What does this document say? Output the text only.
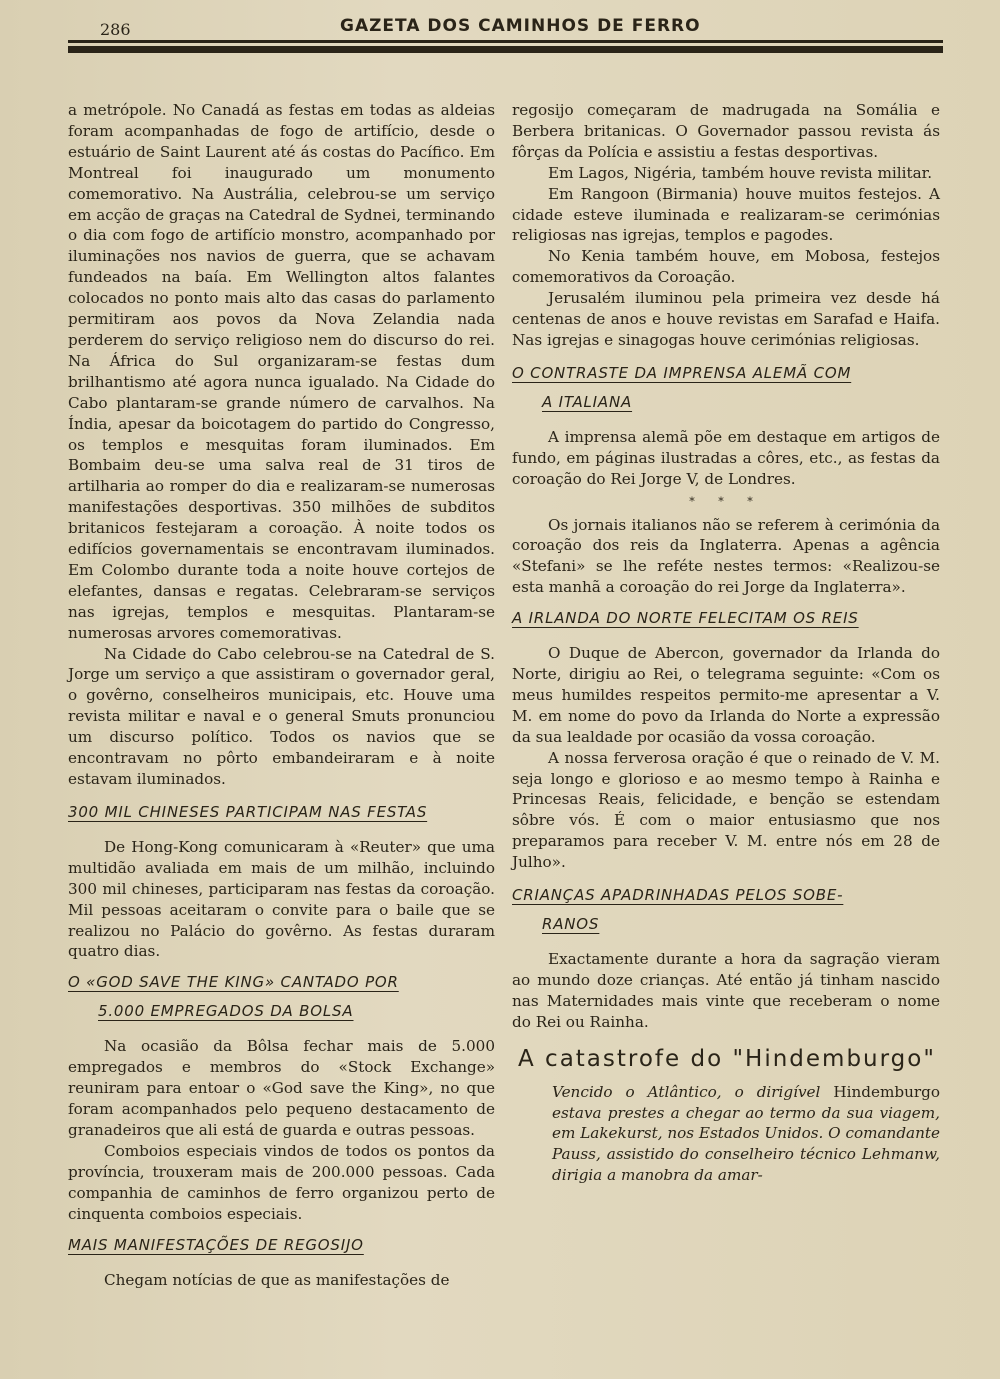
286	GAZETA DOS CAMINHOS DE FERRO

a metrópole. No Canadá as festas em todas as aldeias foram acompanhadas de fogo de artifício, desde o estuário de Saint Laurent até ás costas do Pacífico. Em Montreal foi inaugurado um monumento comemorativo. Na Austrália, celebrou-se um serviço em acção de graças na Catedral de Sydnei, terminando o dia com fogo de artifício monstro, acompanhado por iluminações nos navios de guerra, que se achavam fundeados na baía. Em Wellington altos falantes colocados no ponto mais alto das casas do parlamento permitiram aos povos da Nova Zelandia nada perderem do serviço religioso nem do discurso do rei. Na África do Sul organizaram-se festas dum brilhantismo até agora nunca igualado. Na Cidade do Cabo plantaram-se grande número de carvalhos. Na Índia, apesar da boicotagem do partido do Congresso, os templos e mesquitas foram iluminados. Em Bombaim deu-se uma salva real de 31 tiros de artilharia ao romper do dia e realizaram-se numerosas manifestações desportivas. 350 milhões de subditos britanicos festejaram a coroação. À noite todos os edifícios governamentais se encontravam iluminados. Em Colombo durante toda a noite houve cortejos de elefantes, dansas e regatas. Celebraram-se serviços nas igrejas, templos e mesquitas. Plantaram-se numerosas arvores comemorativas.

Na Cidade do Cabo celebrou-se na Catedral de S. Jorge um serviço a que assistiram o governador geral, o govêrno, conselheiros municipais, etc. Houve uma revista militar e naval e o general Smuts pronunciou um discurso político. Todos os navios que se encontravam no pôrto embandeiraram e à noite estavam iluminados.

300 MIL CHINESES PARTICIPAM NAS FESTAS

De Hong-Kong comunicaram à «Reuter» que uma multidão avaliada em mais de um milhão, incluindo 300 mil chineses, participaram nas festas da coroação. Mil pessoas aceitaram o convite para o baile que se realizou no Palácio do govêrno. As festas duraram quatro dias.

O «GOD SAVE THE KING» CANTADO POR
5.000 EMPREGADOS DA BOLSA

Na ocasião da Bôlsa fechar mais de 5.000 empregados e membros do «Stock Exchange» reuniram para entoar o «God save the King», no que foram acompanhados pelo pequeno destacamento de granadeiros que ali está de guarda e outras pessoas.

Comboios especiais vindos de todos os pontos da província, trouxeram mais de 200.000 pessoas. Cada companhia de caminhos de ferro organizou perto de cinquenta comboios especiais.

MAIS MANIFESTAÇÕES DE REGOSIJO

Chegam notícias de que as manifestações de

regosijo começaram de madrugada na Somália e Berbera britanicas. O Governador passou revista ás fôrças da Polícia e assistiu a festas desportivas.

Em Lagos, Nigéria, também houve revista militar.

Em Rangoon (Birmania) houve muitos festejos. A cidade esteve iluminada e realizaram-se cerimónias religiosas nas igrejas, templos e pagodes.

No Kenia também houve, em Mobosa, festejos comemorativos da Coroação.

Jerusalém iluminou pela primeira vez desde há centenas de anos e houve revistas em Sarafad e Haifa. Nas igrejas e sinagogas houve cerimónias religiosas.

O CONTRASTE DA IMPRENSA ALEMÃ COM
A ITALIANA

A imprensa alemã põe em destaque em artigos de fundo, em páginas ilustradas a côres, etc., as festas da coroação do Rei Jorge V, de Londres.

* * *

Os jornais italianos não se referem à cerimónia da coroação dos reis da Inglaterra. Apenas a agência «Stefani» se lhe reféte nestes termos: «Realizou-se esta manhã a coroação do rei Jorge da Inglaterra».

A IRLANDA DO NORTE FELECITAM OS REIS

O Duque de Abercon, governador da Irlanda do Norte, dirigiu ao Rei, o telegrama seguinte: «Com os meus humildes respeitos permito-me apresentar a V. M. em nome do povo da Irlanda do Norte a expressão da sua lealdade por ocasião da vossa coroação.

A nossa ferverosa oração é que o reinado de V. M. seja longo e glorioso e ao mesmo tempo à Rainha e Princesas Reais, felicidade, e benção se estendam sôbre vós. É com o maior entusiasmo que nos preparamos para receber V. M. entre nós em 28 de Julho».

CRIANÇAS APADRINHADAS PELOS SOBE-
RANOS

Exactamente durante a hora da sagração vieram ao mundo doze crianças. Até então já tinham nascido nas Maternidades mais vinte que receberam o nome do Rei ou Rainha.

A catastrofe do "Hindemburgo"

Vencido o Atlântico, o dirigível Hindemburgo estava prestes a chegar ao termo da sua viagem, em Lakekurst, nos Estados Unidos. O comandante Pauss, assistido do conselheiro técnico Lehmanw, dirigia a manobra da amar-
